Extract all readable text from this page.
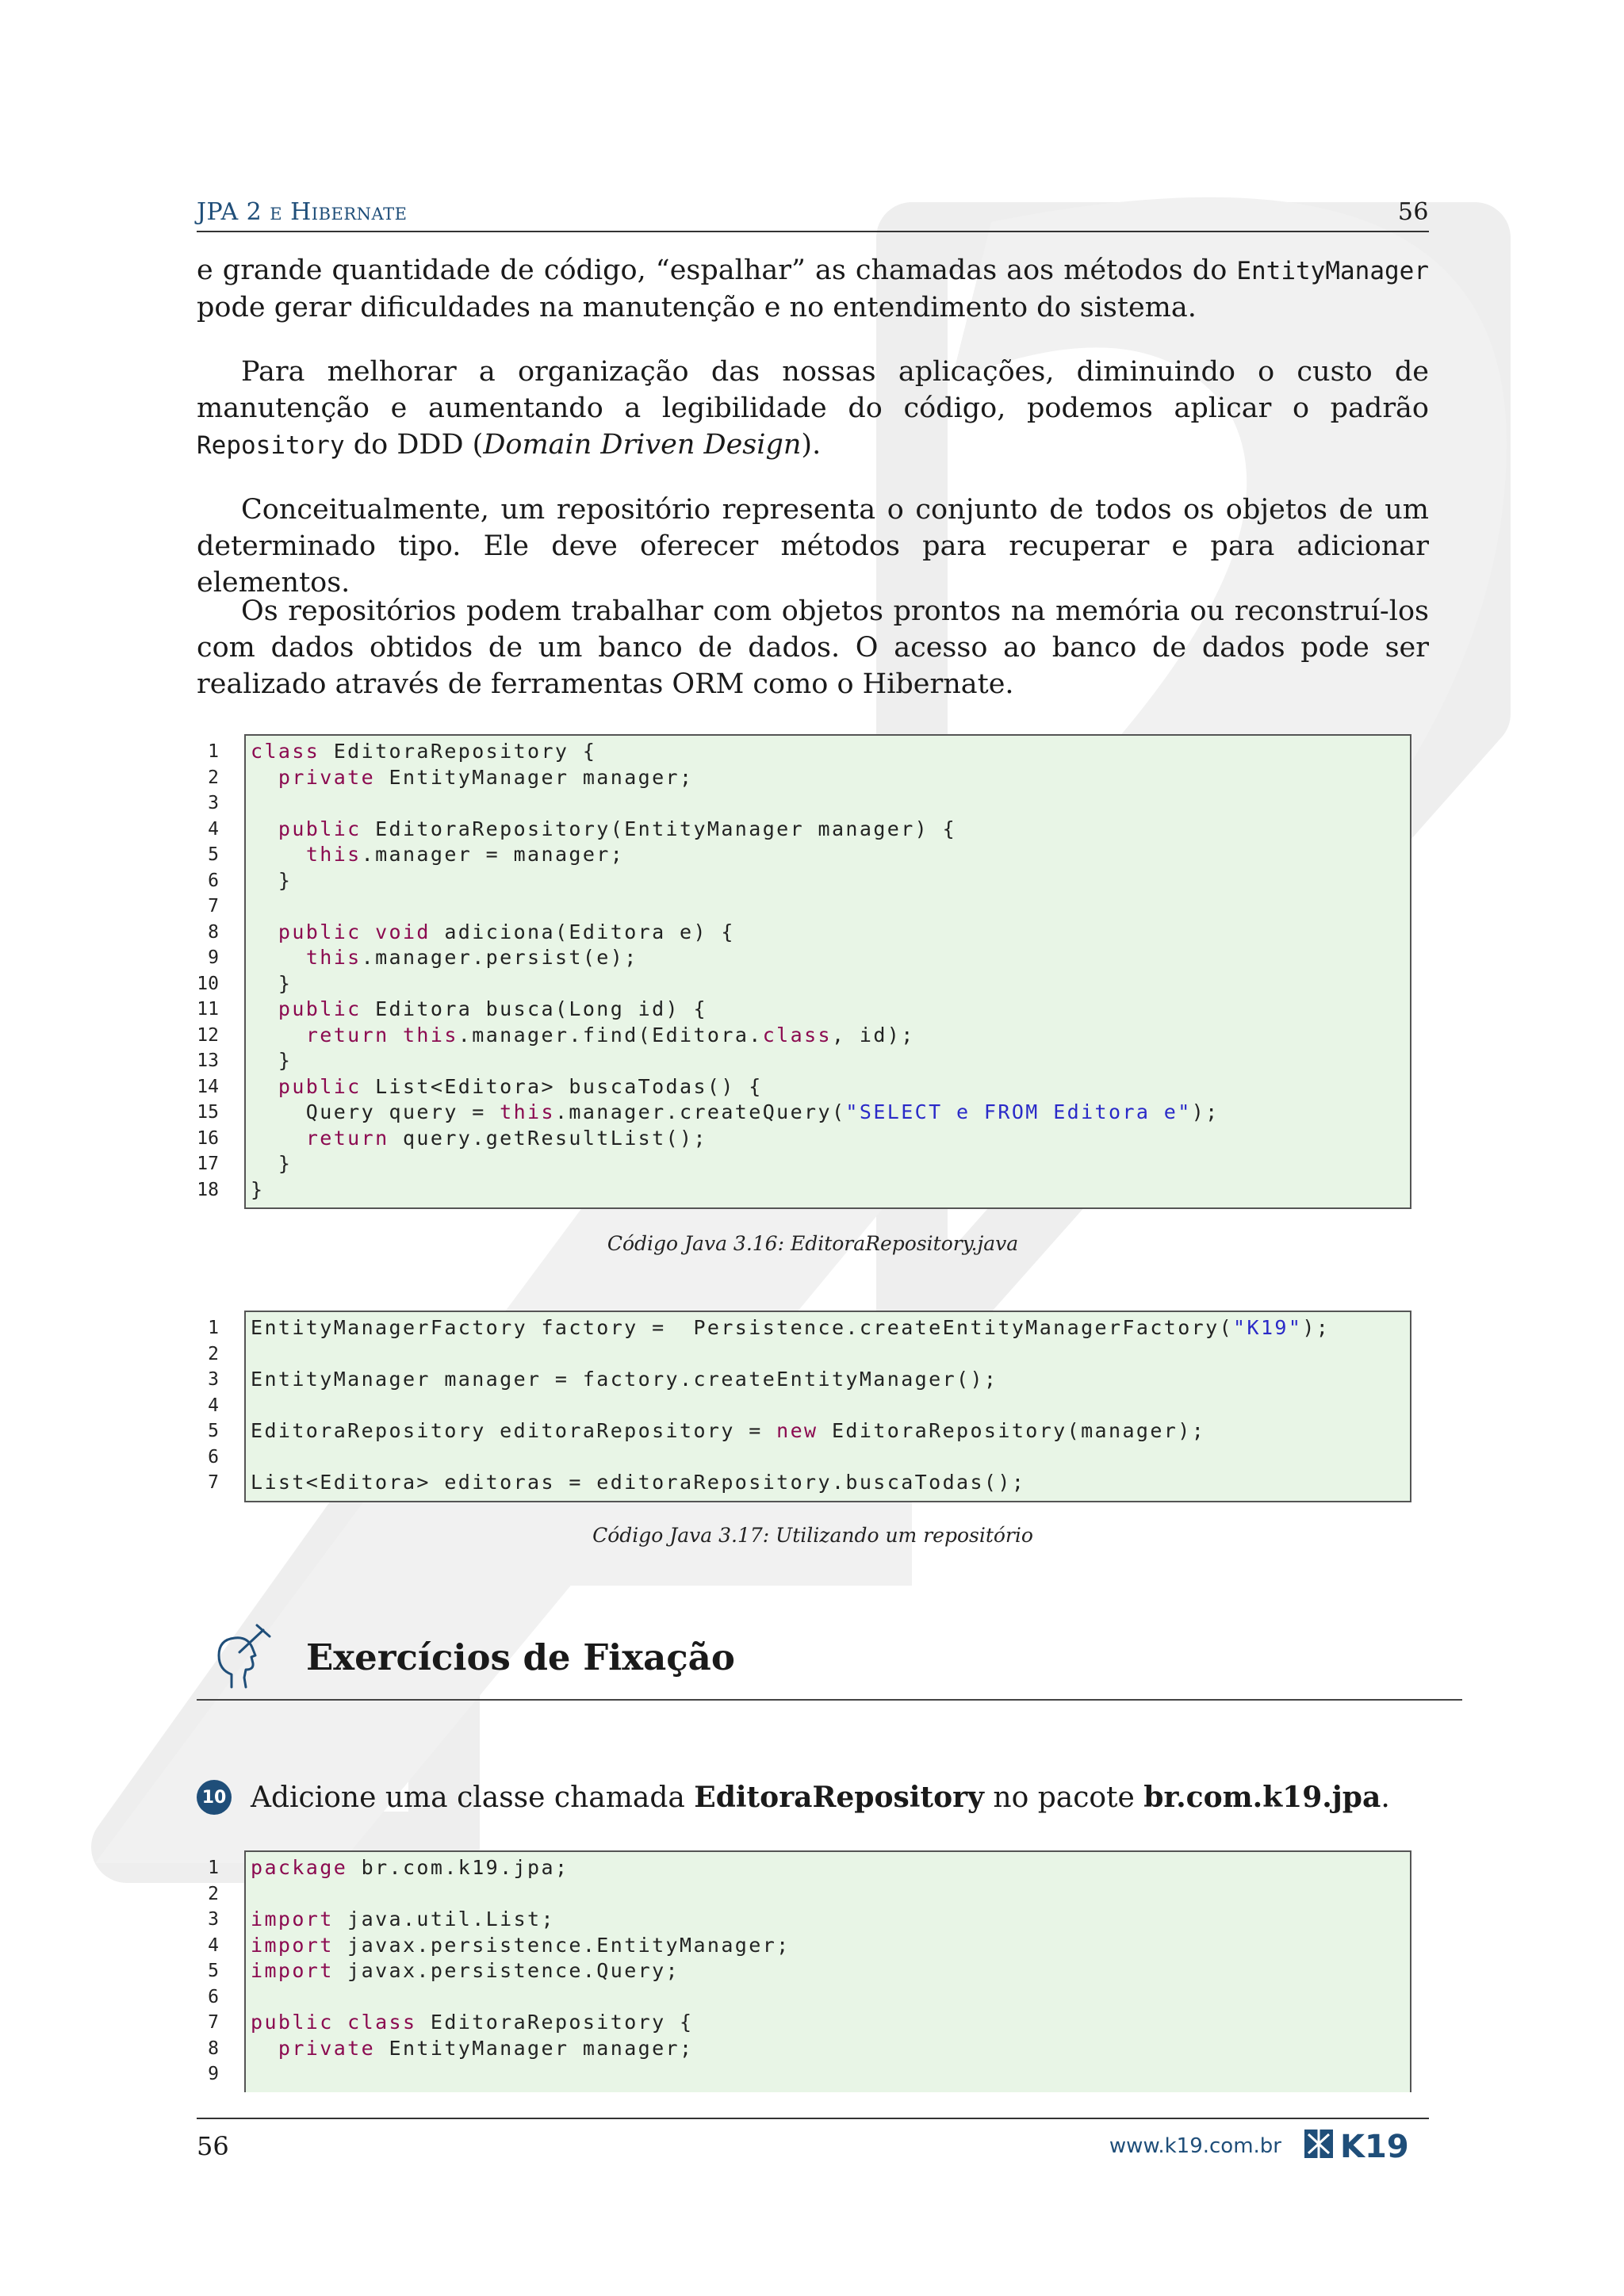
JPA 2 e Hibernate	56

e grande quantidade de código, “espalhar” as chamadas aos métodos do EntityManager pode gerar dificuldades na manutenção e no entendimento do sistema.

Para melhorar a organização das nossas aplicações, diminuindo o custo de manutenção e aumentando a legibilidade do código, podemos aplicar o padrão Repository do DDD (Domain Driven Design).

Conceitualmente, um repositório representa o conjunto de todos os objetos de um determinado tipo. Ele deve oferecer métodos para recuperar e para adicionar elementos.

Os repositórios podem trabalhar com objetos prontos na memória ou reconstruí-los com dados obtidos de um banco de dados. O acesso ao banco de dados pode ser realizado através de ferramentas ORM como o Hibernate.

1	class EditoraRepository {
2	private EntityManager manager;
3
4	public EditoraRepository(EntityManager manager) {
5	this.manager = manager;
6	}
7
8	public void adiciona(Editora e) {
9	this.manager.persist(e);
10	}
11	public Editora busca(Long id) {
12	return this.manager.find(Editora.class, id);
13	}
14	public List<Editora> buscaTodas() {
15	Query query = this.manager.createQuery("SELECT e FROM Editora e");
16	return query.getResultList();
17	}
18	}
Código Java 3.16: EditoraRepository.java
1	EntityManagerFactory factory =  Persistence.createEntityManagerFactory("K19");
2
3	EntityManager manager = factory.createEntityManager();
4
5	EditoraRepository editoraRepository = new EditoraRepository(manager);
6
7	List<Editora> editoras = editoraRepository.buscaTodas();
Código Java 3.17: Utilizando um repositório
Exercícios de Fixação
10 Adicione uma classe chamada EditoraRepository no pacote br.com.k19.jpa.
1	package br.com.k19.jpa;
2
3	import java.util.List;
4	import javax.persistence.EntityManager;
5	import javax.persistence.Query;
6
7	public class EditoraRepository {
8	private EntityManager manager;
9
56	www.k19.com.br K19
